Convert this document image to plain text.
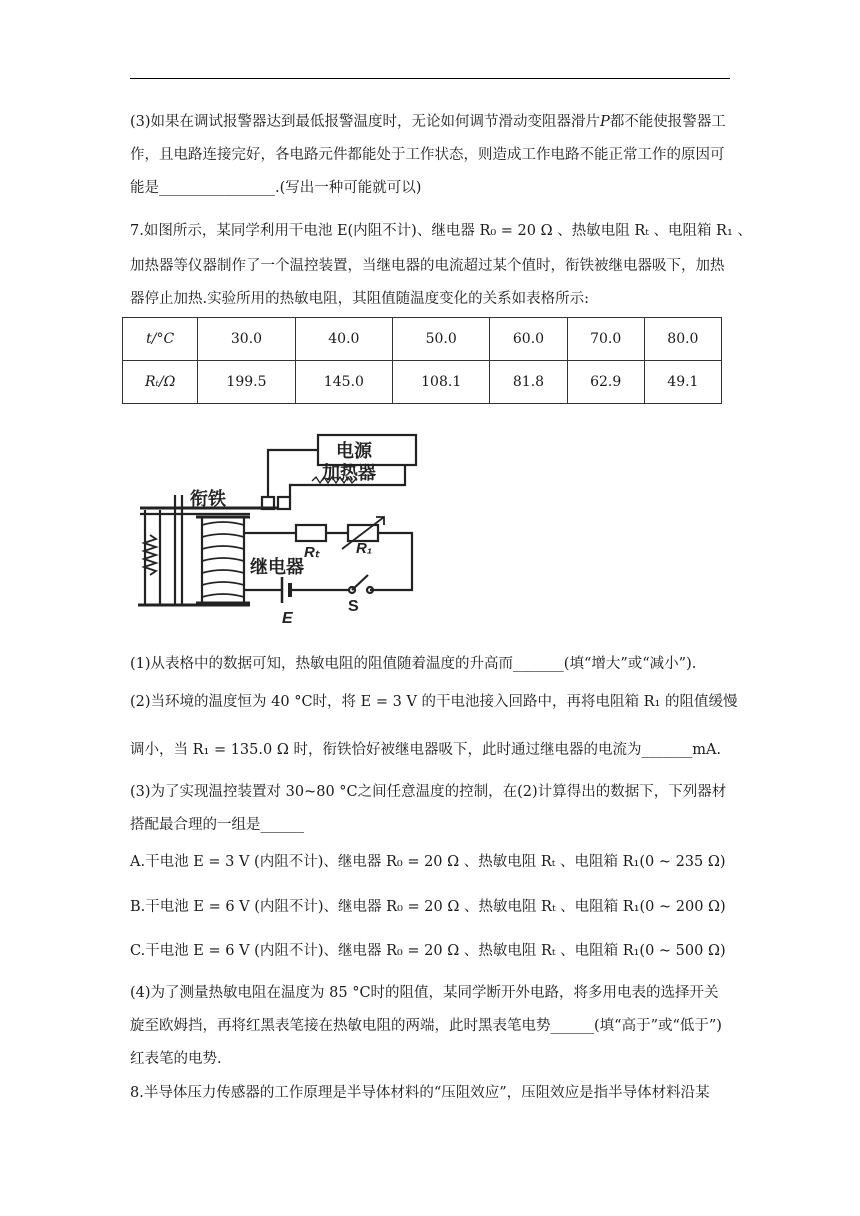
(3)如果在调试报警器达到最低报警温度时，无论如何调节滑动变阻器滑片P都不能使报警器工作，且电路连接完好，各电路元件都能处于工作状态，则造成工作电路不能正常工作的原因可能是________________.(写出一种可能就可以)

7.如图所示，某同学利用干电池 E(内阻不计)、继电器 R₀ = 20 Ω 、热敏电阻 Rₜ 、电阻箱 R₁ 、

加热器等仪器制作了一个温控装置，当继电器的电流超过某个值时，衔铁被继电器吸下，加热器停止加热.实验所用的热敏电阻，其阻值随温度变化的关系如表格所示:
t/°C	30.0	40.0	50.0	60.0	70.0	80.0
Rₜ/Ω	199.5	145.0	108.1	81.8	62.9	49.1
电源
加热器
衔铁
继电器
Rₜ R₁
E
S

(1)从表格中的数据可知，热敏电阻的阻值随着温度的升高而_______(填“增大”或“减小”).

(2)当环境的温度恒为 40 °C时，将 E = 3 V 的干电池接入回路中，再将电阻箱 R₁ 的阻值缓慢

调小，当 R₁ = 135.0 Ω 时，衔铁恰好被继电器吸下，此时通过继电器的电流为_______mA.

(3)为了实现温控装置对 30~80 °C之间任意温度的控制，在(2)计算得出的数据下，下列器材搭配最合理的一组是______

A.干电池 E = 3 V (内阻不计)、继电器 R₀ = 20 Ω 、热敏电阻 Rₜ 、电阻箱 R₁(0 ~ 235 Ω)

B.干电池 E = 6 V (内阻不计)、继电器 R₀ = 20 Ω 、热敏电阻 Rₜ 、电阻箱 R₁(0 ~ 200 Ω)

C.干电池 E = 6 V (内阻不计)、继电器 R₀ = 20 Ω 、热敏电阻 Rₜ 、电阻箱 R₁(0 ~ 500 Ω)

(4)为了测量热敏电阻在温度为 85 °C时的阻值，某同学断开外电路，将多用电表的选择开关旋至欧姆挡，再将红黑表笔接在热敏电阻的两端，此时黑表笔电势______(填“高于”或“低于”)红表笔的电势.

8.半导体压力传感器的工作原理是半导体材料的“压阻效应”，压阻效应是指半导体材料沿某
